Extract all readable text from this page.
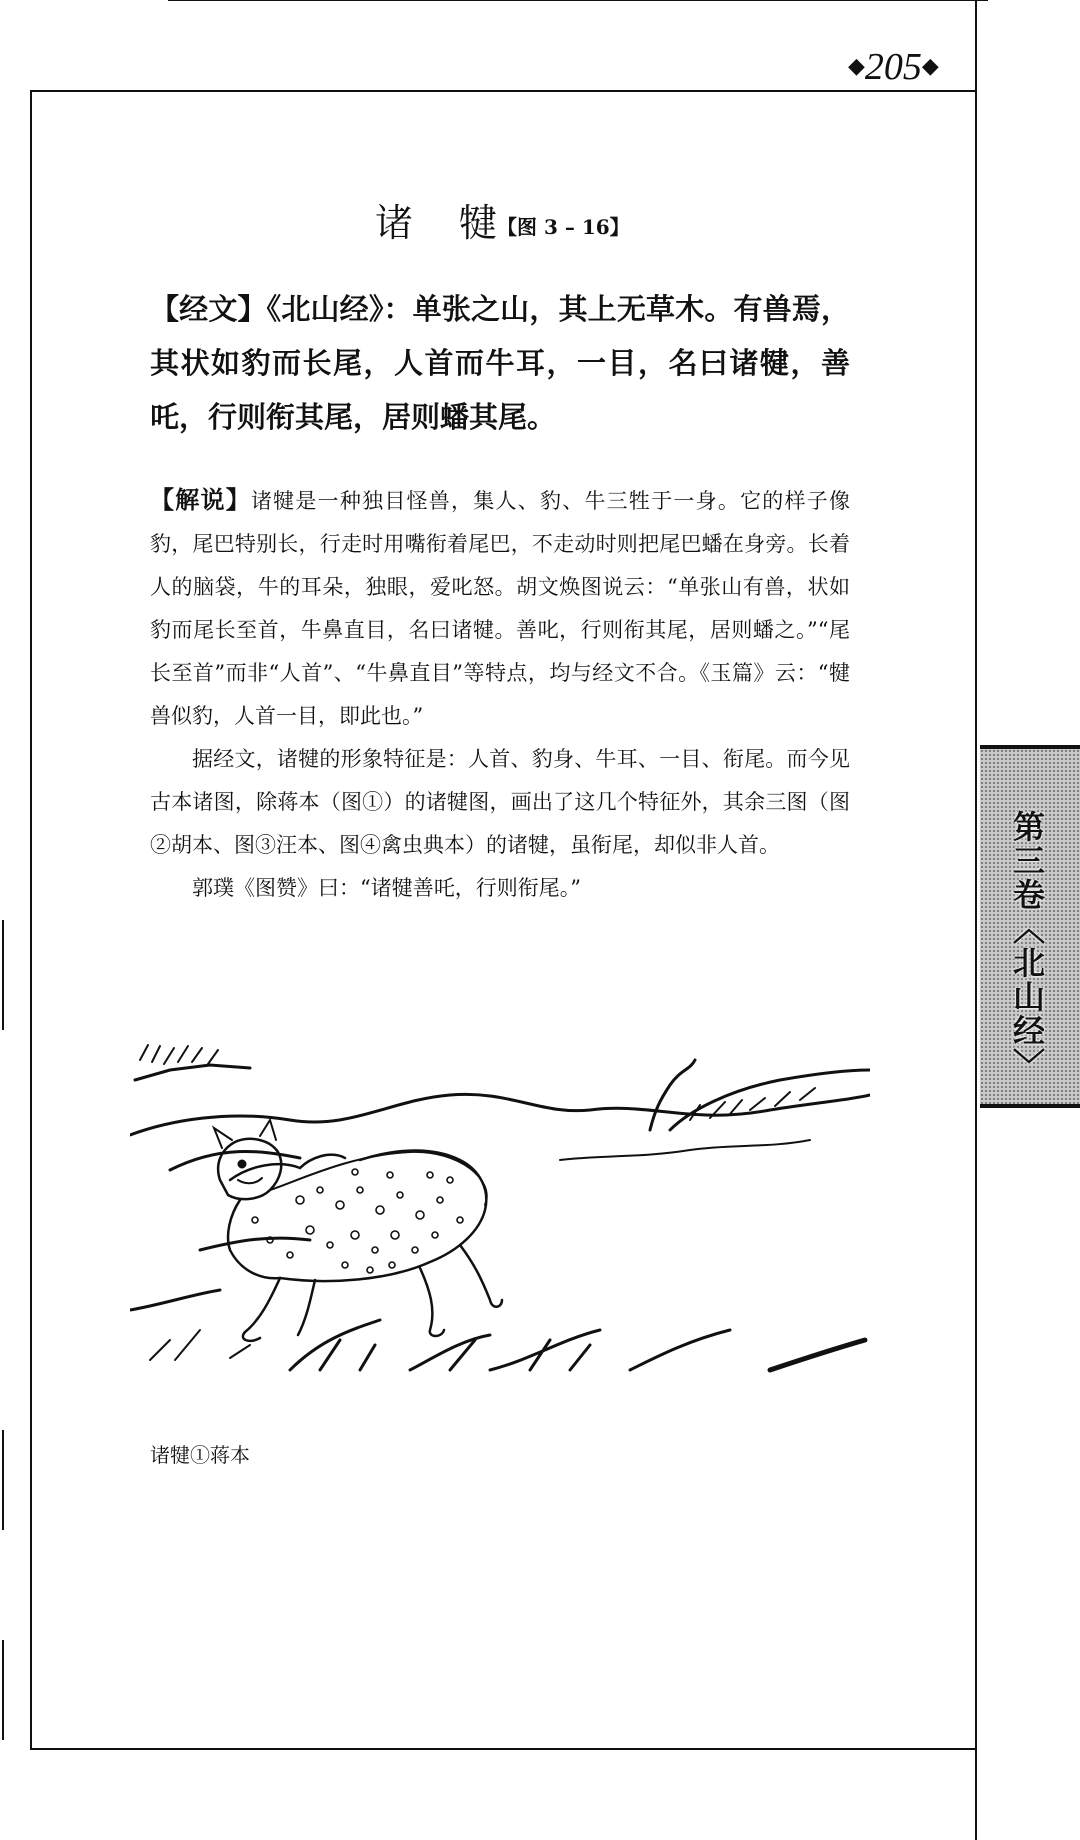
◆205◆
诸 犍【图 3 – 16】
【经文】《北山经》：单张之山，其上无草木。有兽焉，其状如豹而长尾，人首而牛耳，一目，名曰诸犍，善吒，行则衔其尾，居则蟠其尾。

【解说】诸犍是一种独目怪兽，集人、豹、牛三牲于一身。它的样子像豹，尾巴特别长，行走时用嘴衔着尾巴，不走动时则把尾巴蟠在身旁。长着人的脑袋，牛的耳朵，独眼，爱叱怒。胡文焕图说云：“单张山有兽，状如豹而尾长至首，牛鼻直目，名曰诸犍。善叱，行则衔其尾，居则蟠之。”“尾长至首”而非“人首”、“牛鼻直目”等特点，均与经文不合。《玉篇》云：“犍兽似豹，人首一目，即此也。”

据经文，诸犍的形象特征是：人首、豹身、牛耳、一目、衔尾。而今见古本诸图，除蒋本（图①）的诸犍图，画出了这几个特征外，其余三图（图②胡本、图③汪本、图④禽虫典本）的诸犍，虽衔尾，却似非人首。

郭璞《图赞》曰：“诸犍善吒，行则衔尾。”	第三卷〈北山经〉
诸犍①蒋本
